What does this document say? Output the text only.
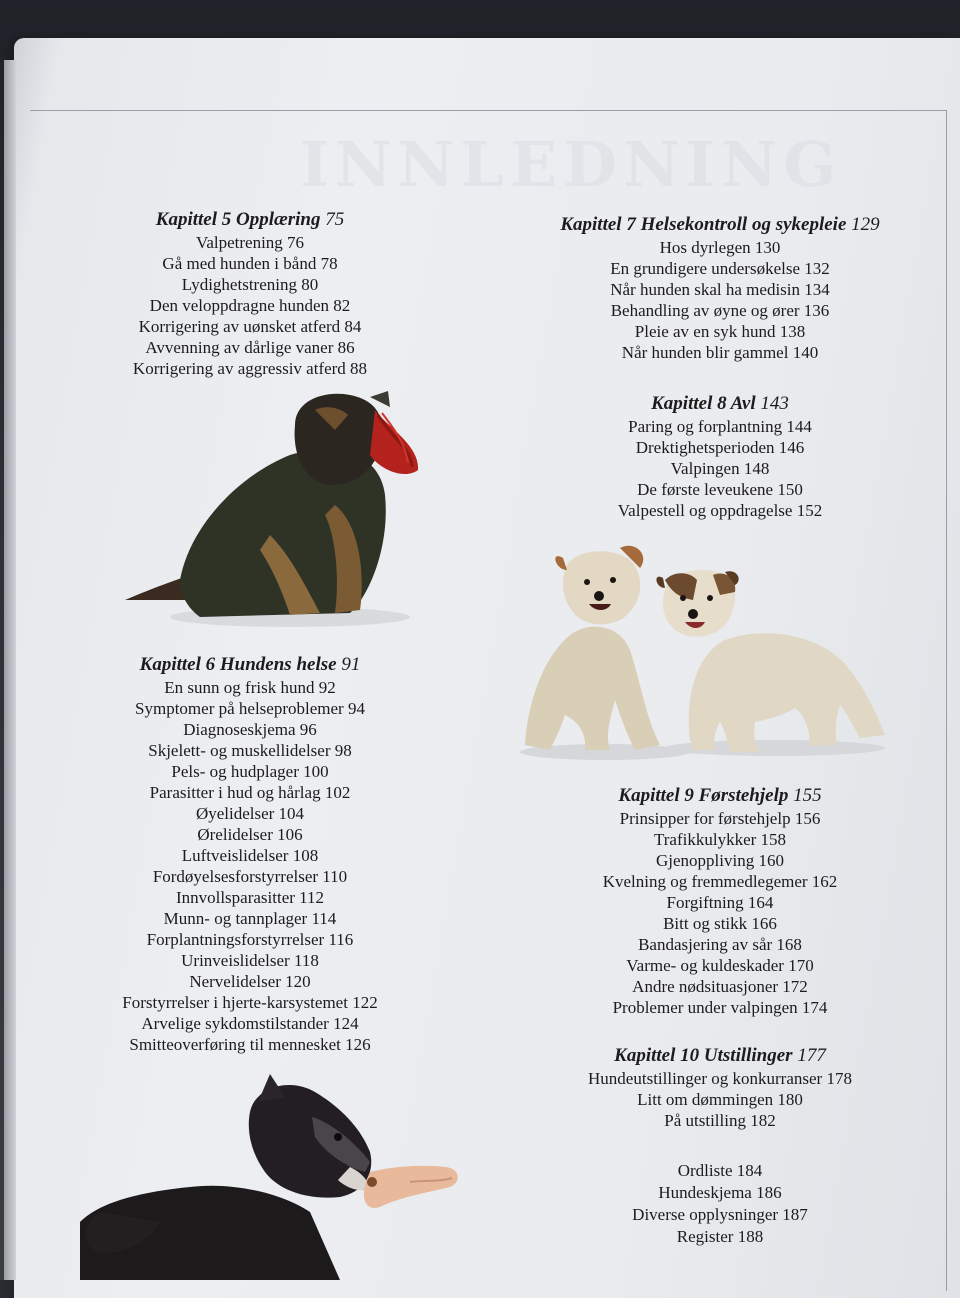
INNLEDNING
Kapittel 5 Opplæring 75
Valpetrening 76
Gå med hunden i bånd 78
Lydighetstrening 80
Den veloppdragne hunden 82
Korrigering av uønsket atferd 84
Avvenning av dårlige vaner 86
Korrigering av aggressiv atferd 88
Kapittel 6 Hundens helse 91
En sunn og frisk hund 92
Symptomer på helseproblemer 94
Diagnoseskjema 96
Skjelett- og muskellidelser 98
Pels- og hudplager 100
Parasitter i hud og hårlag 102
Øyelidelser 104
Ørelidelser 106
Luftveislidelser 108
Fordøyelsesforstyrrelser 110
Innvollsparasitter 112
Munn- og tannplager 114
Forplantningsforstyrrelser 116
Urinveislidelser 118
Nervelidelser 120
Forstyrrelser i hjerte-karsystemet 122
Arvelige sykdomstilstander 124
Smitteoverføring til mennesket 126
Kapittel 7 Helsekontroll og sykepleie 129
Hos dyrlegen 130
En grundigere undersøkelse 132
Når hunden skal ha medisin 134
Behandling av øyne og ører 136
Pleie av en syk hund 138
Når hunden blir gammel 140
Kapittel 8 Avl 143
Paring og forplantning 144
Drektighetsperioden 146
Valpingen 148
De første leveukene 150
Valpestell og oppdragelse 152
Kapittel 9 Førstehjelp 155
Prinsipper for førstehjelp 156
Trafikkulykker 158
Gjenoppliving 160
Kvelning og fremmedlegemer 162
Forgiftning 164
Bitt og stikk 166
Bandasjering av sår 168
Varme- og kuldeskader 170
Andre nødsituasjoner 172
Problemer under valpingen 174
Kapittel 10 Utstillinger 177
Hundeutstillinger og konkurranser 178
Litt om dømmingen 180
På utstilling 182
Ordliste 184
Hundeskjema 186
Diverse opplysninger 187
Register 188
